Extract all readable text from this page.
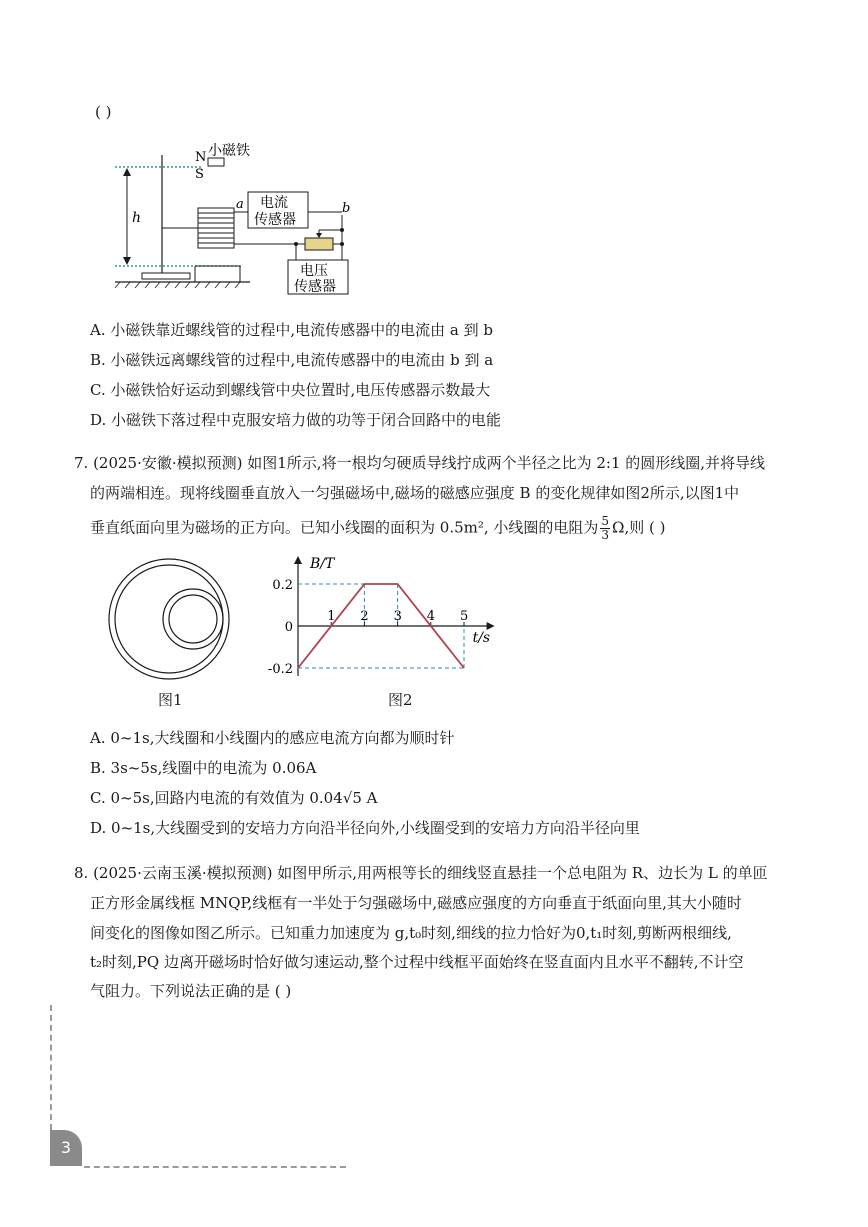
( )
h
N
S
小磁铁
a 电流
传感器
b
电压
传感器
A. 小磁铁靠近螺线管的过程中,电流传感器中的电流由 a 到 b
B. 小磁铁远离螺线管的过程中,电流传感器中的电流由 b 到 a
C. 小磁铁恰好运动到螺线管中央位置时,电压传感器示数最大
D. 小磁铁下落过程中克服安培力做的功等于闭合回路中的电能
7. (2025·安徽·模拟预测) 如图1所示,将一根均匀硬质导线拧成两个半径之比为 2:1 的圆形线圈,并将导线
的两端相连。现将线圈垂直放入一匀强磁场中,磁场的磁感应强度 B 的变化规律如图2所示,以图1中
垂直纸面向里为磁场的正方向。已知小线圈的面积为 0.5m², 小线圈的电阻为 $\frac{5}{3} \Omega$,则 ( )
图1
B/T
t/s
1 2 3 4 5
0.2
0
-0.2
图2
A. 0~1s,大线圈和小线圈内的感应电流方向都为顺时针
B. 3s~5s,线圈中的电流为 0.06A
C. 0~5s,回路内电流的有效值为 0.04√5 A
D. 0~1s,大线圈受到的安培力方向沿半径向外,小线圈受到的安培力方向沿半径向里
8. (2025·云南玉溪·模拟预测) 如图甲所示,用两根等长的细线竖直悬挂一个总电阻为 R、边长为 L 的单匝
正方形金属线框 MNQP,线框有一半处于匀强磁场中,磁感应强度的方向垂直于纸面向里,其大小随时
间变化的图像如图乙所示。已知重力加速度为 g,t₀时刻,细线的拉力恰好为0,t₁时刻,剪断两根细线,
t₂时刻,PQ 边离开磁场时恰好做匀速运动,整个过程中线框平面始终在竖直面内且水平不翻转,不计空
气阻力。下列说法正确的是 ( )
3
